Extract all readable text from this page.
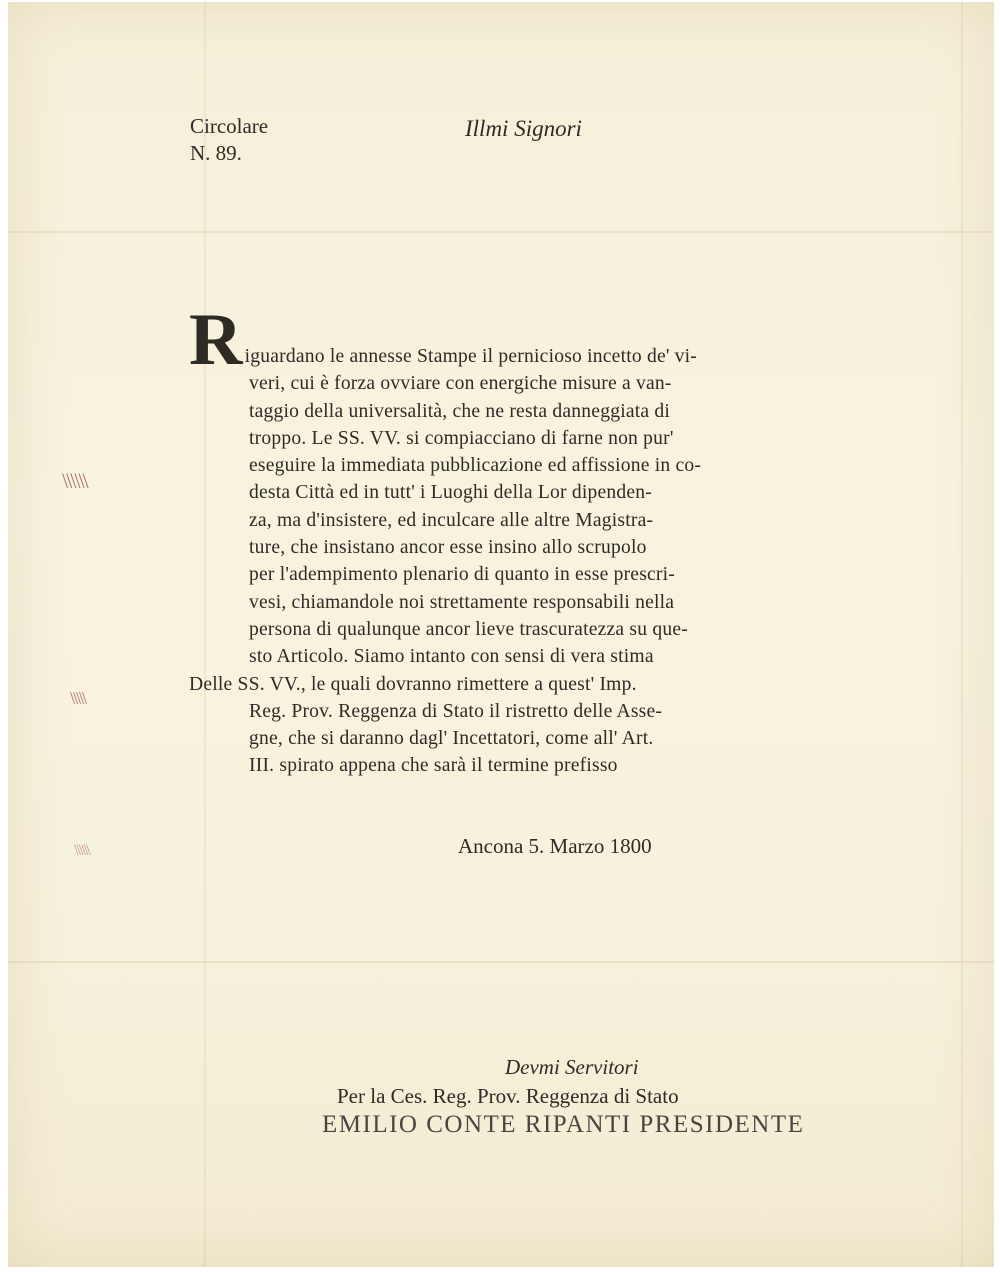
\\\\\\
\\\\\
\\\\\\
Circolare
N. 89.
Illmi Signori
R iguardano le annesse Stampe il pernicioso incetto de' vi-
veri, cui è forza ovviare con energiche misure a van-
taggio della universalità, che ne resta danneggiata di
troppo. Le SS. VV. si compiacciano di farne non pur'
eseguire la immediata pubblicazione ed affissione in co-
desta Città ed in tutt' i Luoghi della Lor dipenden-
za, ma d'insistere, ed inculcare alle altre Magistra-
ture, che insistano ancor esse insino allo scrupolo
per l'adempimento plenario di quanto in esse prescri-
vesi, chiamandole noi strettamente responsabili nella
persona di qualunque ancor lieve trascuratezza su que-
sto Articolo. Siamo intanto con sensi di vera stima
Delle SS. VV., le quali dovranno rimettere a quest' Imp.
Reg. Prov. Reggenza di Stato il ristretto delle Asse-
gne, che si daranno dagl' Incettatori, come all' Art.
III. spirato appena che sarà il termine prefisso
Ancona 5. Marzo 1800
Devmi Servitori
Per la Ces. Reg. Prov. Reggenza di Stato
EMILIO CONTE RIPANTI PRESIDENTE
